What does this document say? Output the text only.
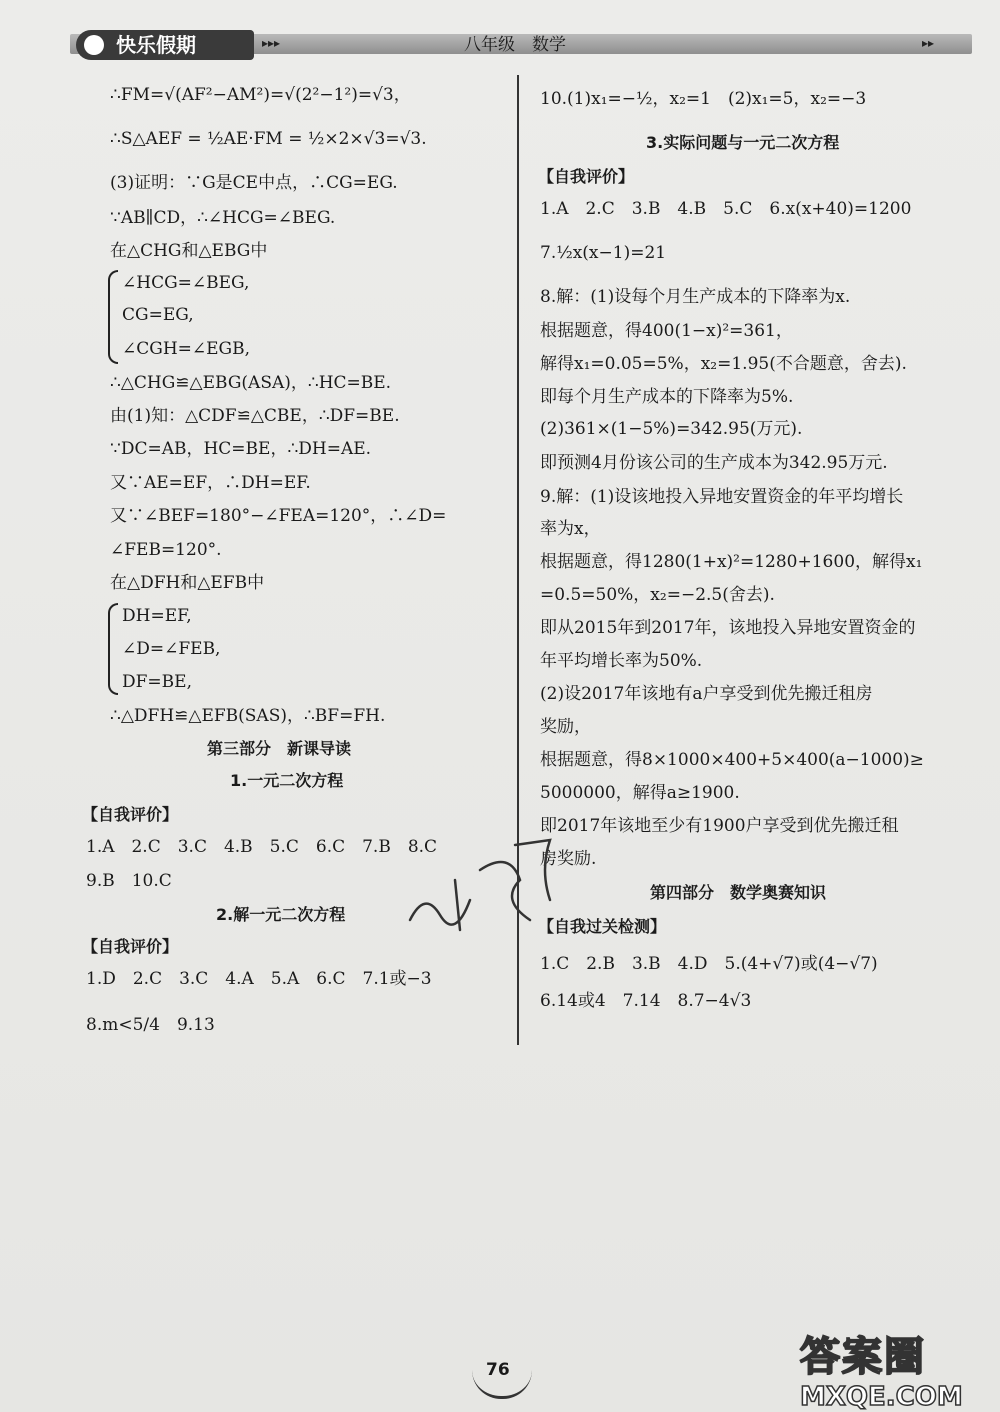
快乐假期	▸▸▸	八年级　数学	▸▸
∴FM=√(AF²−AM²)=√(2²−1²)=√3，
∴S△AEF = ½AE·FM = ½×2×√3=√3.
(3)证明：∵G是CE中点，∴CG=EG.
∵AB∥CD，∴∠HCG=∠BEG.
在△CHG和△EBG中
∠HCG=∠BEG,
CG=EG,
∠CGH=∠EGB,
∴△CHG≌△EBG(ASA)，∴HC=BE.
由(1)知：△CDF≌△CBE，∴DF=BE.
∵DC=AB，HC=BE，∴DH=AE.
又∵AE=EF，∴DH=EF.
又∵∠BEF=180°−∠FEA=120°，∴∠D=
∠FEB=120°.
在△DFH和△EFB中
DH=EF,
∠D=∠FEB,
DF=BE,
∴△DFH≌△EFB(SAS)，∴BF=FH.
第三部分　新课导读
1.一元二次方程
【自我评价】
1.A　2.C　3.C　4.B　5.C　6.C　7.B　8.C
9.B　10.C
2.解一元二次方程
【自我评价】
1.D　2.C　3.C　4.A　5.A　6.C　7.1或−3
8.m<5/4　9.13
10.(1)x₁=−½，x₂=1　(2)x₁=5，x₂=−3
3.实际问题与一元二次方程
【自我评价】
1.A　2.C　3.B　4.B　5.C　6.x(x+40)=1200
7.½x(x−1)=21
8.解：(1)设每个月生产成本的下降率为x.
根据题意，得400(1−x)²=361，
解得x₁=0.05=5%，x₂=1.95(不合题意，舍去).
即每个月生产成本的下降率为5%.
(2)361×(1−5%)=342.95(万元).
即预测4月份该公司的生产成本为342.95万元.
9.解：(1)设该地投入异地安置资金的年平均增长
率为x，
根据题意，得1280(1+x)²=1280+1600，解得x₁
=0.5=50%，x₂=−2.5(舍去).
即从2015年到2017年，该地投入异地安置资金的
年平均增长率为50%.
(2)设2017年该地有a户享受到优先搬迁租房
奖励，
根据题意，得8×1000×400+5×400(a−1000)≥
5000000，解得a≥1900.
即2017年该地至少有1900户享受到优先搬迁租
房奖励.
第四部分　数学奥赛知识
【自我过关检测】
1.C　2.B　3.B　4.D　5.(4+√7)或(4−√7)
6.14或4　7.14　8.7−4√3
76	答案圈
MXQE.COM
